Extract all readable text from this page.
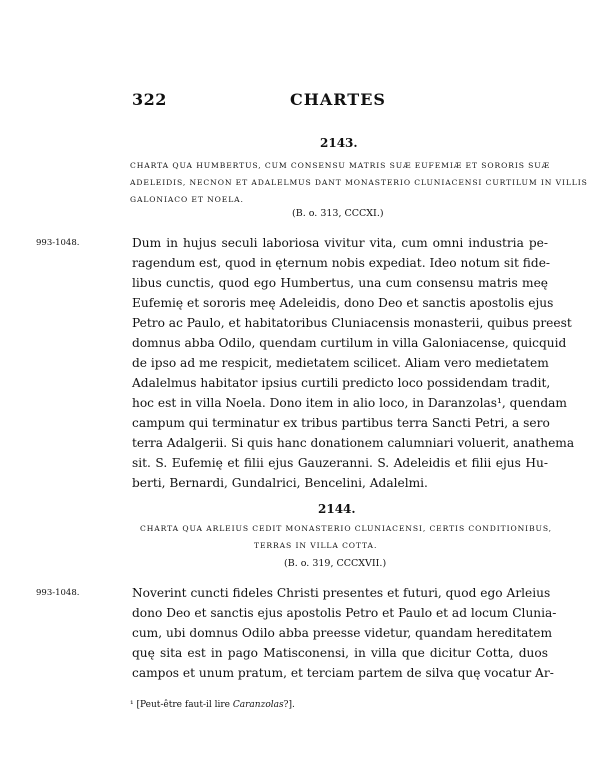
322	CHARTES
2143.
CHARTA QUA HUMBERTUS, CUM CONSENSU MATRIS SUÆ EUFEMIÆ ET SORORIS SUÆ
ADELEIDIS, NECNON ET ADALELMUS DANT MONASTERIO CLUNIACENSI CURTILUM IN VILLIS
GALONIACO ET NOELA.
(B. o. 313, CCCXI.)
993-1048.	Dum in hujus seculi laboriosa vivitur vita, cum omni industria pe-
ragendum est, quod in ęternum nobis expediat. Ideo notum sit fide-
libus cunctis, quod ego Humbertus, una cum consensu matris meę
Eufemię et sororis meę Adeleidis, dono Deo et sanctis apostolis ejus
Petro ac Paulo, et habitatoribus Cluniacensis monasterii, quibus preest
domnus abba Odilo, quendam curtilum in villa Galoniacense, quicquid
de ipso ad me respicit, medietatem scilicet. Aliam vero medietatem
Adalelmus habitator ipsius curtili predicto loco possidendam tradit,
hoc est in villa Noela. Dono item in alio loco, in Daranzolas¹, quendam
campum qui terminatur ex tribus partibus terra Sancti Petri, a sero
terra Adalgerii. Si quis hanc donationem calumniari voluerit, anathema
sit. S. Eufemię et filii ejus Gauzeranni. S. Adeleidis et filii ejus Hu-
berti, Bernardi, Gundalrici, Bencelini, Adalelmi.
2144.
CHARTA QUA ARLEIUS CEDIT MONASTERIO CLUNIACENSI, CERTIS CONDITIONIBUS,
TERRAS IN VILLA COTTA.
(B. o. 319, CCCXVII.)
993-1048.	Noverint cuncti fideles Christi presentes et futuri, quod ego Arleius
dono Deo et sanctis ejus apostolis Petro et Paulo et ad locum Clunia-
cum, ubi domnus Odilo abba preesse videtur, quandam hereditatem
quę sita est in pago Matisconensi, in villa que dicitur Cotta, duos
campos et unum pratum, et terciam partem de silva quę vocatur Ar-
¹ [Peut-être faut-il lire Caranzolas?].
